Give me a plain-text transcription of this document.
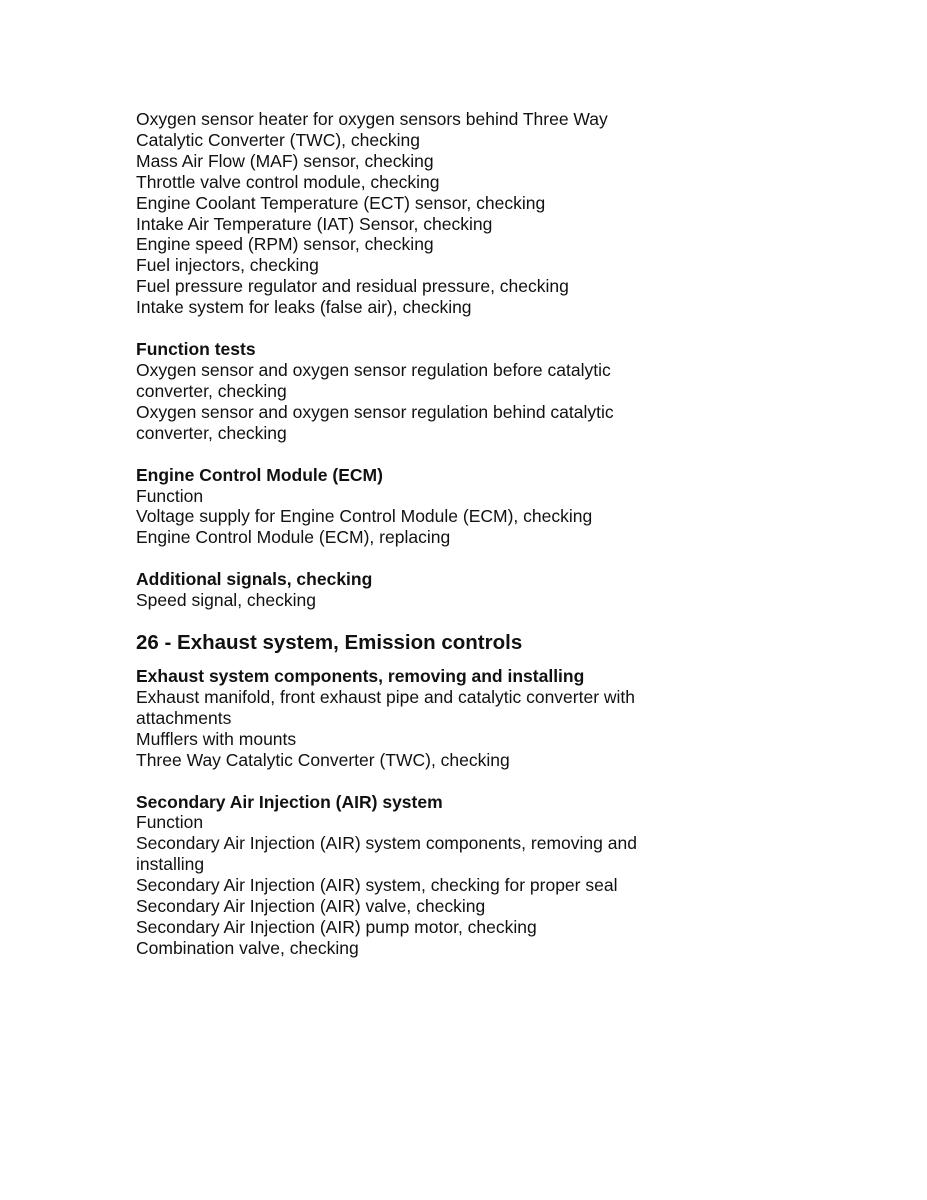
Oxygen sensor heater for oxygen sensors behind Three Way
Catalytic Converter (TWC), checking
Mass Air Flow (MAF) sensor, checking
Throttle valve control module, checking
Engine Coolant Temperature (ECT) sensor, checking
Intake Air Temperature (IAT) Sensor, checking
Engine speed (RPM) sensor, checking
Fuel injectors, checking
Fuel pressure regulator and residual pressure, checking
Intake system for leaks (false air), checking
Function tests
Oxygen sensor and oxygen sensor regulation before catalytic
converter, checking
Oxygen sensor and oxygen sensor regulation behind catalytic
converter, checking
Engine Control Module (ECM)
Function
Voltage supply for Engine Control Module (ECM), checking
Engine Control Module (ECM), replacing
Additional signals, checking
Speed signal, checking
26 - Exhaust system, Emission controls
Exhaust system components, removing and installing
Exhaust manifold, front exhaust pipe and catalytic converter with
attachments
Mufflers with mounts
Three Way Catalytic Converter (TWC), checking
Secondary Air Injection (AIR) system
Function
Secondary Air Injection (AIR) system components, removing and
installing
Secondary Air Injection (AIR) system, checking for proper seal
Secondary Air Injection (AIR) valve, checking
Secondary Air Injection (AIR) pump motor, checking
Combination valve, checking
